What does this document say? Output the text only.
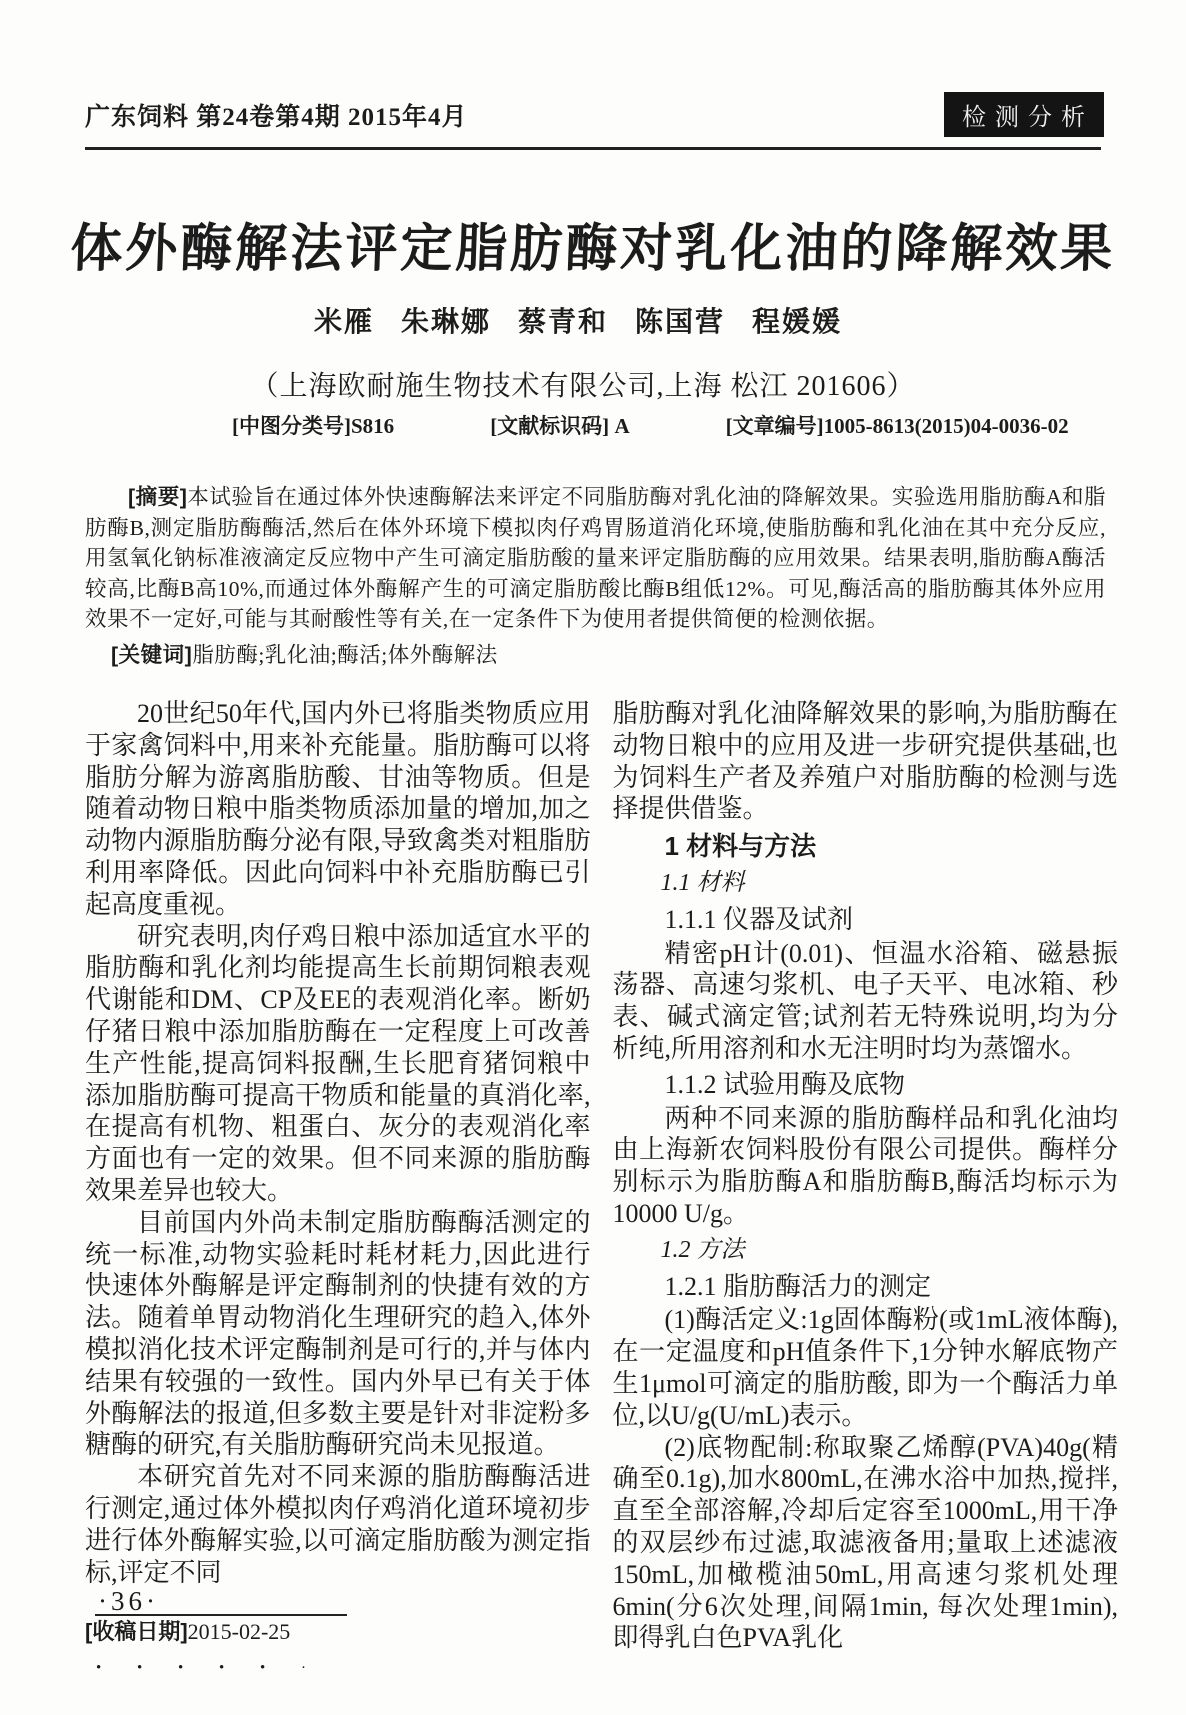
广东饲料 第24卷第4期 2015年4月	检测分析
体外酶解法评定脂肪酶对乳化油的降解效果
米雁 朱琳娜 蔡青和 陈国营 程媛媛
（上海欧耐施生物技术有限公司,上海 松江 201606）
[中图分类号]S816	[文献标识码] A	[文章编号]1005-8613(2015)04-0036-02
[摘要]本试验旨在通过体外快速酶解法来评定不同脂肪酶对乳化油的降解效果。实验选用脂肪酶A和脂肪酶B,测定脂肪酶酶活,然后在体外环境下模拟肉仔鸡胃肠道消化环境,使脂肪酶和乳化油在其中充分反应,用氢氧化钠标准液滴定反应物中产生可滴定脂肪酸的量来评定脂肪酶的应用效果。结果表明,脂肪酶A酶活较高,比酶B高10%,而通过体外酶解产生的可滴定脂肪酸比酶B组低12%。可见,酶活高的脂肪酶其体外应用效果不一定好,可能与其耐酸性等有关,在一定条件下为使用者提供简便的检测依据。
[关键词]脂肪酶;乳化油;酶活;体外酶解法

20世纪50年代,国内外已将脂类物质应用于家禽饲料中,用来补充能量。脂肪酶可以将脂肪分解为游离脂肪酸、甘油等物质。但是随着动物日粮中脂类物质添加量的增加,加之动物内源脂肪酶分泌有限,导致禽类对粗脂肪利用率降低。因此向饲料中补充脂肪酶已引起高度重视。

研究表明,肉仔鸡日粮中添加适宜水平的脂肪酶和乳化剂均能提高生长前期饲粮表观代谢能和DM、CP及EE的表观消化率。断奶仔猪日粮中添加脂肪酶在一定程度上可改善生产性能,提高饲料报酬,生长肥育猪饲粮中添加脂肪酶可提高干物质和能量的真消化率,在提高有机物、粗蛋白、灰分的表观消化率方面也有一定的效果。但不同来源的脂肪酶效果差异也较大。

目前国内外尚未制定脂肪酶酶活测定的统一标准,动物实验耗时耗材耗力,因此进行快速体外酶解是评定酶制剂的快捷有效的方法。随着单胃动物消化生理研究的趋入,体外模拟消化技术评定酶制剂是可行的,并与体内结果有较强的一致性。国内外早已有关于体外酶解法的报道,但多数主要是针对非淀粉多糖酶的研究,有关脂肪酶研究尚未见报道。

本研究首先对不同来源的脂肪酶酶活进行测定,通过体外模拟肉仔鸡消化道环境初步进行体外酶解实验,以可滴定脂肪酸为测定指标,评定不同

[收稿日期]2015-02-25

脂肪酶对乳化油降解效果的影响,为脂肪酶在动物日粮中的应用及进一步研究提供基础,也为饲料生产者及养殖户对脂肪酶的检测与选择提供借鉴。

1 材料与方法
1.1 材料
1.1.1 仪器及试剂

精密pH计(0.01)、恒温水浴箱、磁悬振荡器、高速匀浆机、电子天平、电冰箱、秒表、碱式滴定管;试剂若无特殊说明,均为分析纯,所用溶剂和水无注明时均为蒸馏水。

1.1.2 试验用酶及底物

两种不同来源的脂肪酶样品和乳化油均由上海新农饲料股份有限公司提供。酶样分别标示为脂肪酶A和脂肪酶B,酶活均标示为10000 U/g。

1.2 方法
1.2.1 脂肪酶活力的测定

(1)酶活定义:1g固体酶粉(或1mL液体酶),在一定温度和pH值条件下,1分钟水解底物产生1μmol可滴定的脂肪酸, 即为一个酶活力单位,以U/g(U/mL)表示。

(2)底物配制:称取聚乙烯醇(PVA)40g(精确至0.1g),加水800mL,在沸水浴中加热,搅拌,直至全部溶解,冷却后定容至1000mL,用干净的双层纱布过滤,取滤液备用;量取上述滤液150mL,加橄榄油50mL,用高速匀浆机处理6min(分6次处理,间隔1min, 每次处理1min), 即得乳白色PVA乳化

·36·
• • • • • ·
